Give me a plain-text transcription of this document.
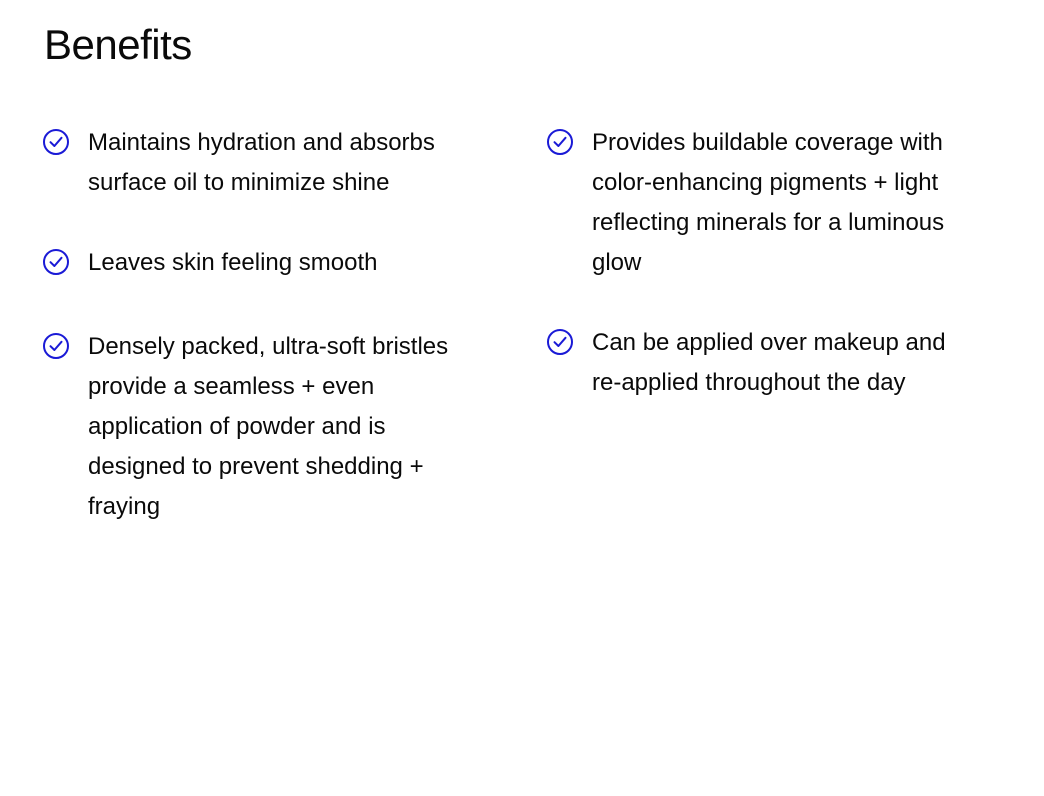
Benefits
Maintains hydration and absorbs surface oil to minimize shine
Leaves skin feeling smooth
Densely packed, ultra-soft bristles provide a seamless + even application of powder and is designed to prevent shedding + fraying
Provides buildable coverage with color-enhancing pigments + light reflecting minerals for a luminous glow
Can be applied over makeup and re-applied throughout the day
